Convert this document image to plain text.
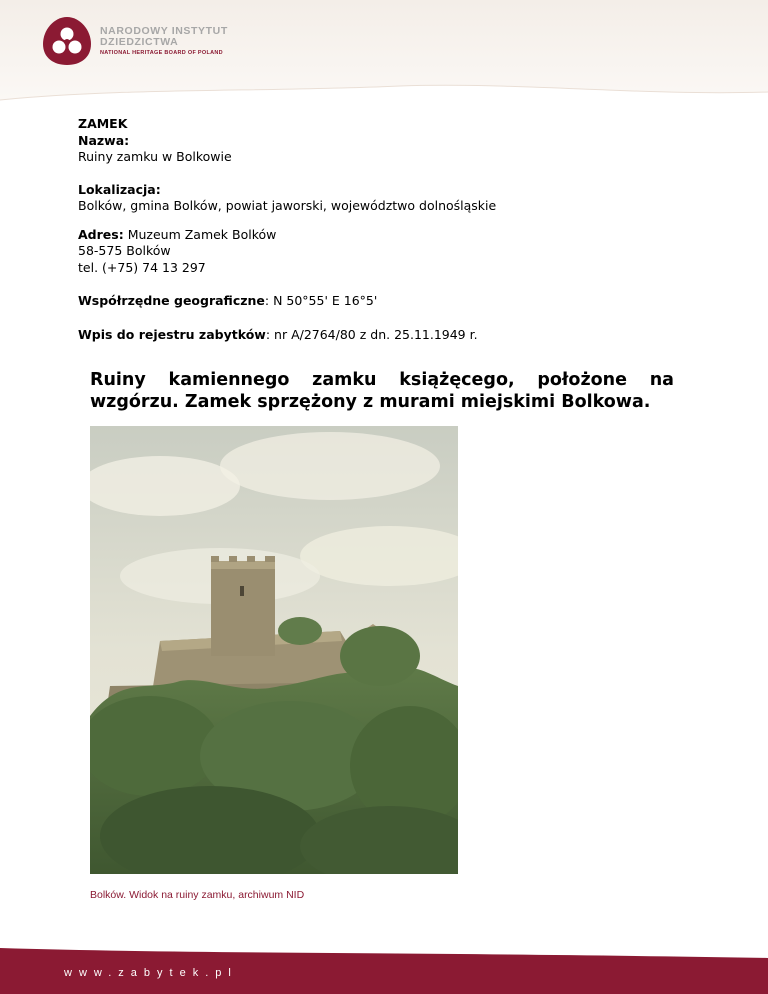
NARODOWY INSTYTUT
DZIEDZICTWA
NATIONAL HERITAGE BOARD OF POLAND
ZAMEK
Nazwa:
Ruiny zamku w Bolkowie
Lokalizacja:
Bolków, gmina Bolków, powiat jaworski, województwo dolnośląskie
Adres: Muzeum Zamek Bolków
58-575 Bolków
tel. (+75) 74 13 297
Współrzędne geograficzne: N 50°55' E 16°5'
Wpis do rejestru zabytków: nr A/2764/80 z dn. 25.11.1949 r.
Ruiny kamiennego zamku książęcego, położone na wzgórzu. Zamek sprzężony z murami miejskimi Bolkowa.
Bolków. Widok na ruiny zamku, archiwum NID
www.zabytek.pl
